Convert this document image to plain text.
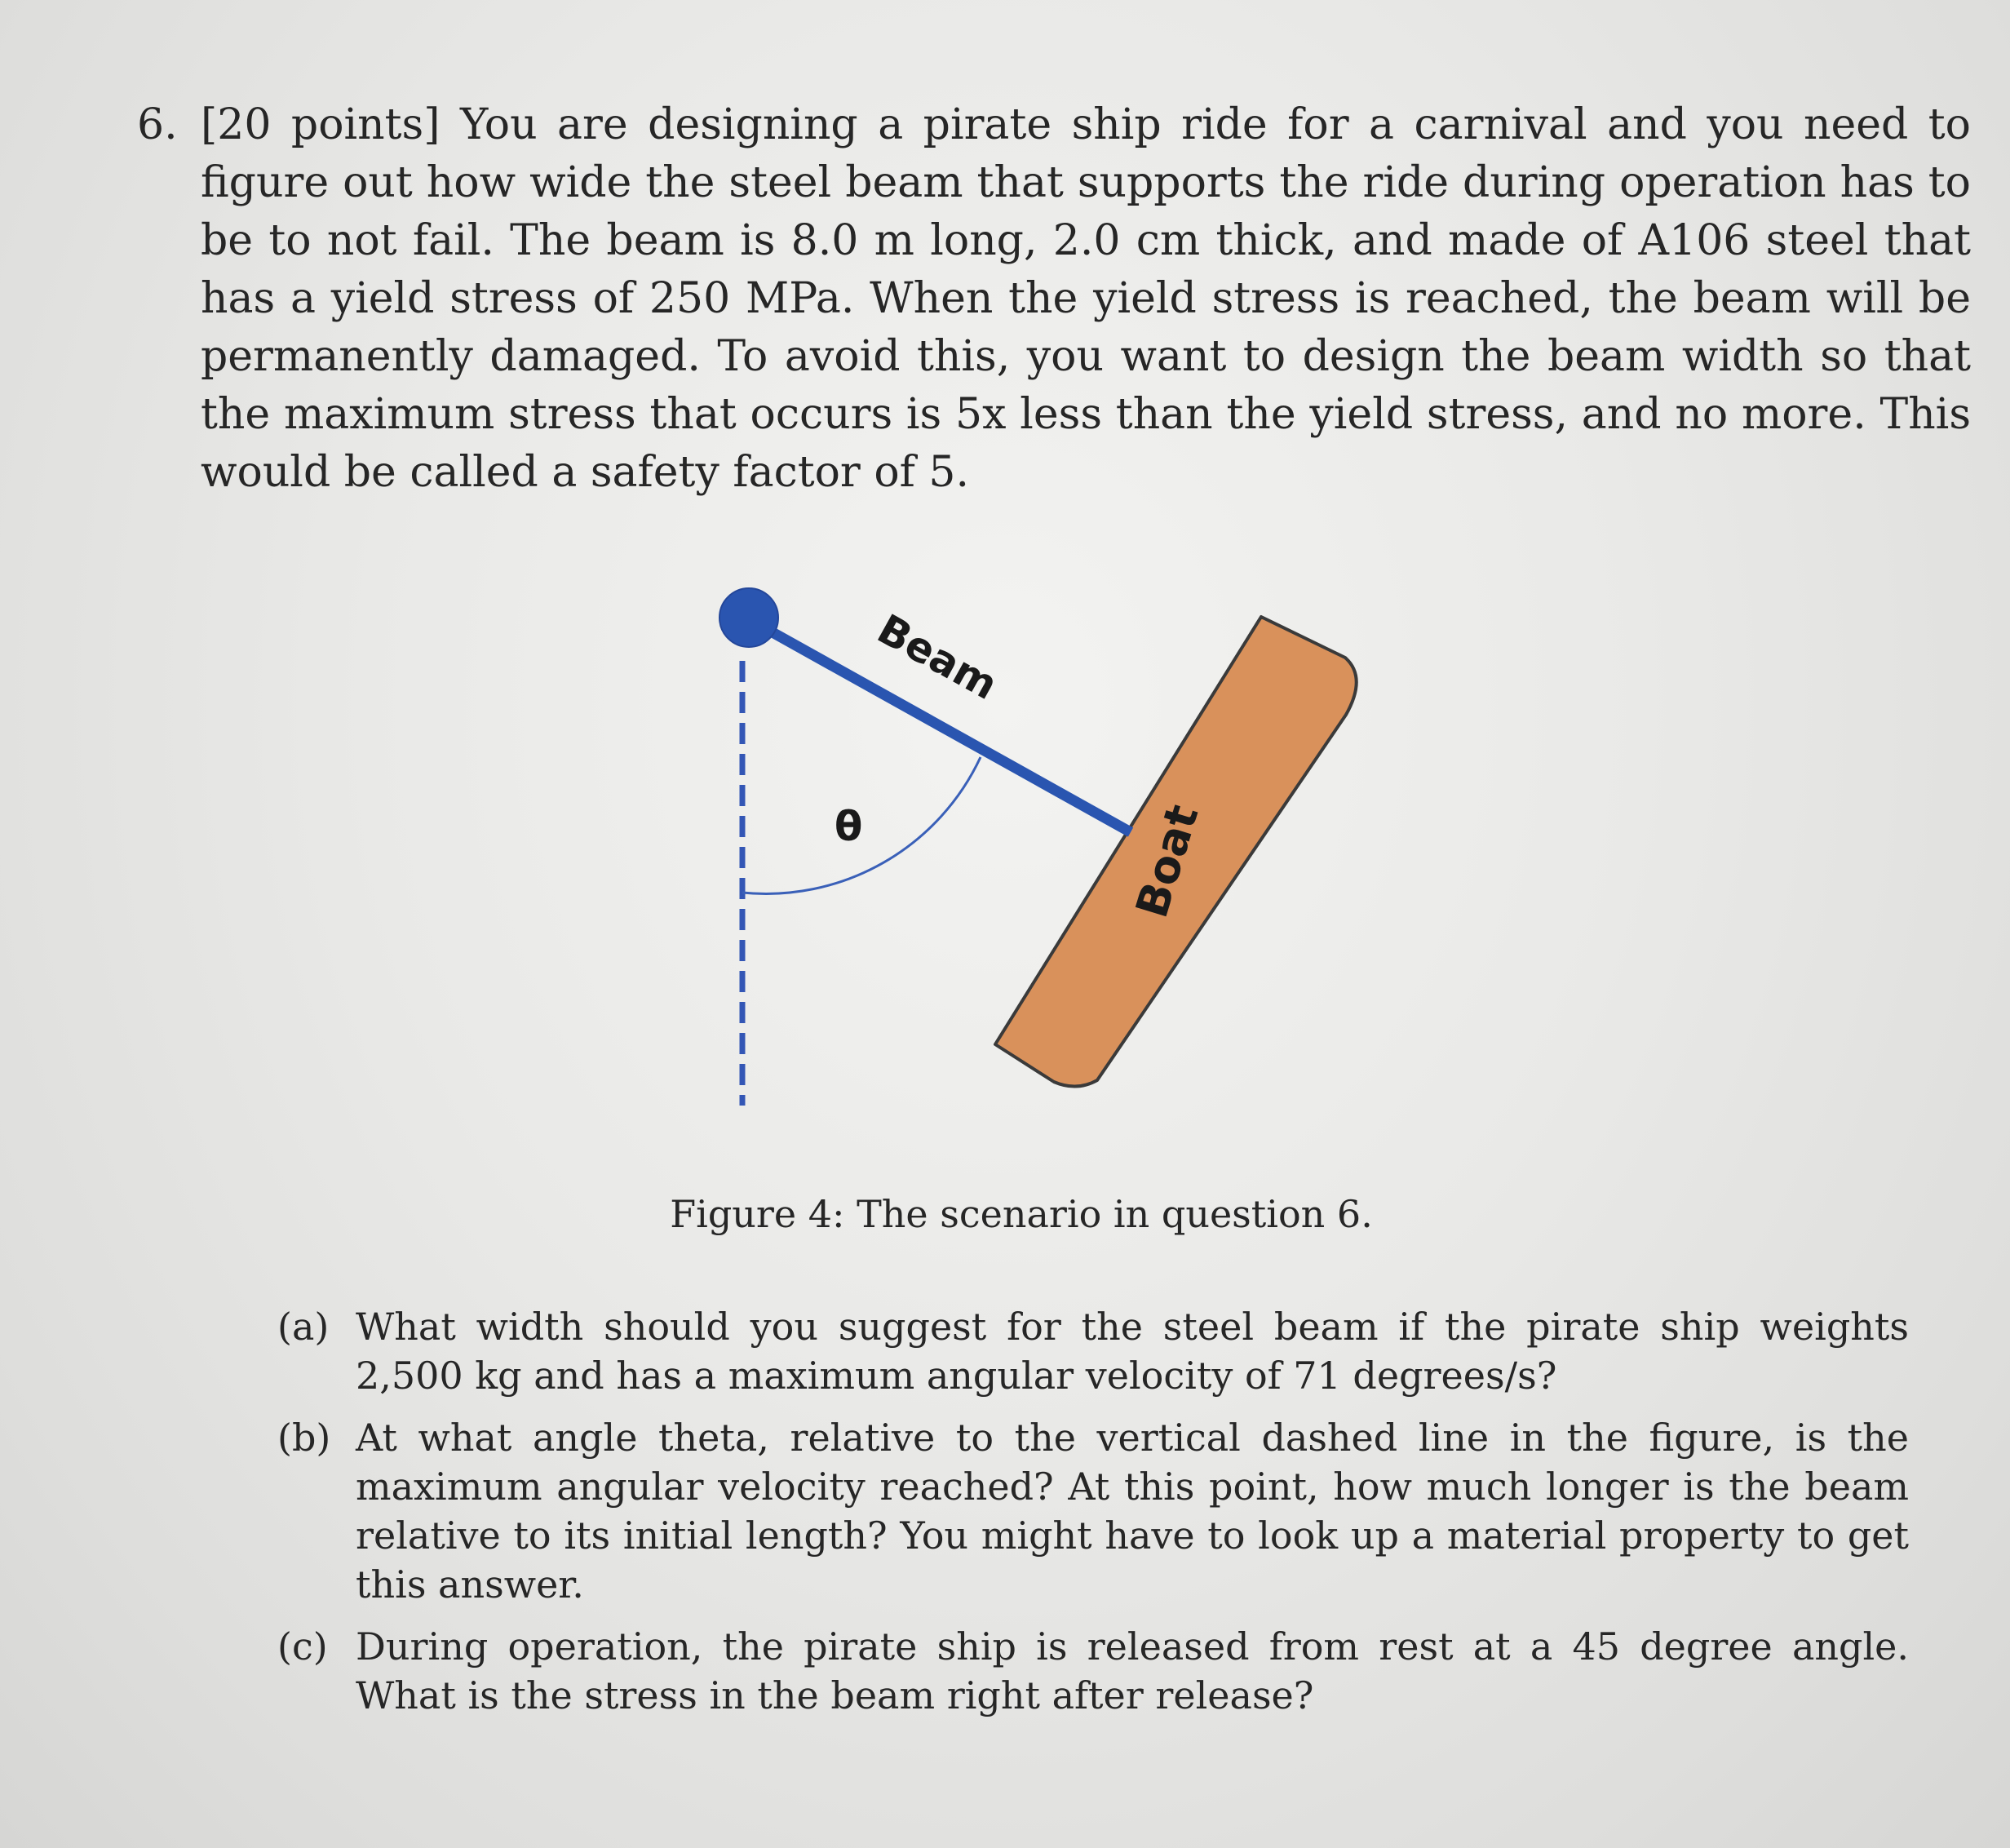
6. [20 points] You are designing a pirate ship ride for a carnival and you need to figure out how wide the steel beam that supports the ride during operation has to be to not fail. The beam is 8.0 m long, 2.0 cm thick, and made of A106 steel that has a yield stress of 250 MPa. When the yield stress is reached, the beam will be permanently damaged. To avoid this, you want to design the beam width so that the maximum stress that occurs is 5x less than the yield stress, and no more. This would be called a safety factor of 5.
Beam
Boat
θ
Figure 4: The scenario in question 6.
(a) What width should you suggest for the steel beam if the pirate ship weights 2,500 kg and has a maximum angular velocity of 71 degrees/s?
(b) At what angle theta, relative to the vertical dashed line in the figure, is the maximum angular velocity reached? At this point, how much longer is the beam relative to its initial length? You might have to look up a material property to get this answer.
(c) During operation, the pirate ship is released from rest at a 45 degree angle. What is the stress in the beam right after release?
